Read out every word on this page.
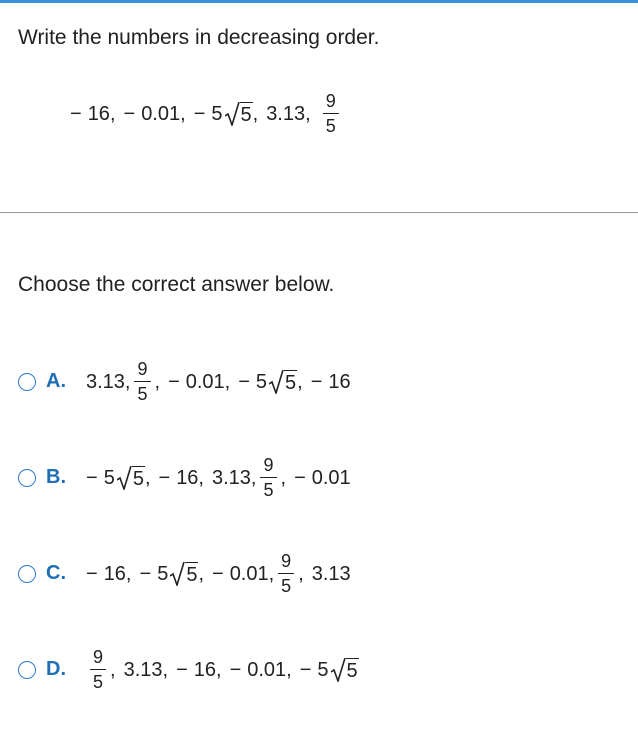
Write the numbers in decreasing order.
− 16 , − 0.01 , − 5 5 , 3.13 , $\frac{9}{5}$
Choose the correct answer below.
A.	3.13, $\frac{9}{5}$ , − 0.01, − 5 5 , − 16
B.	− 5 5 , − 16, 3.13, $\frac{9}{5}$ , − 0.01
C.	− 16, − 5 5 , − 0.01, $\frac{9}{5}$ , 3.13
D.	$\frac{9}{5}$ , 3.13, − 16, − 0.01, − 5 5
